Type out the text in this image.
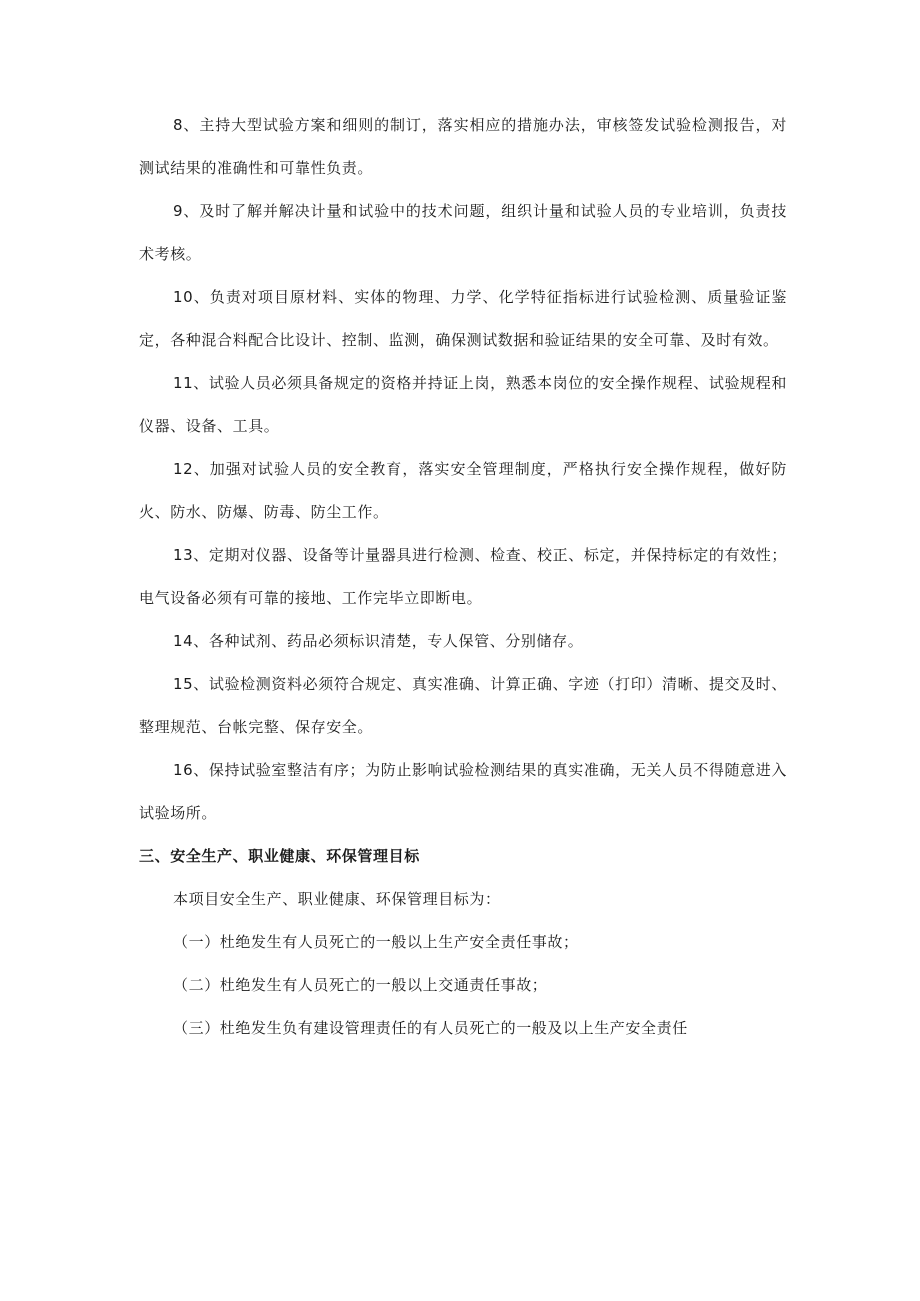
8、主持大型试验方案和细则的制订，落实相应的措施办法，审核签发试验检测报告，对测试结果的准确性和可靠性负责。

9、及时了解并解决计量和试验中的技术问题，组织计量和试验人员的专业培训，负责技术考核。

10、负责对项目原材料、实体的物理、力学、化学特征指标进行试验检测、质量验证鉴定，各种混合料配合比设计、控制、监测，确保测试数据和验证结果的安全可靠、及时有效。

11、试验人员必须具备规定的资格并持证上岗，熟悉本岗位的安全操作规程、试验规程和仪器、设备、工具。

12、加强对试验人员的安全教育，落实安全管理制度，严格执行安全操作规程，做好防火、防水、防爆、防毒、防尘工作。

13、定期对仪器、设备等计量器具进行检测、检查、校正、标定，并保持标定的有效性；电气设备必须有可靠的接地、工作完毕立即断电。

14、各种试剂、药品必须标识清楚，专人保管、分别储存。

15、试验检测资料必须符合规定、真实准确、计算正确、字迹（打印）清晰、提交及时、整理规范、台帐完整、保存安全。

16、保持试验室整洁有序；为防止影响试验检测结果的真实准确，无关人员不得随意进入试验场所。

三、安全生产、职业健康、环保管理目标

本项目安全生产、职业健康、环保管理目标为：

（一）杜绝发生有人员死亡的一般以上生产安全责任事故；

（二）杜绝发生有人员死亡的一般以上交通责任事故；

（三）杜绝发生负有建设管理责任的有人员死亡的一般及以上生产安全责任
